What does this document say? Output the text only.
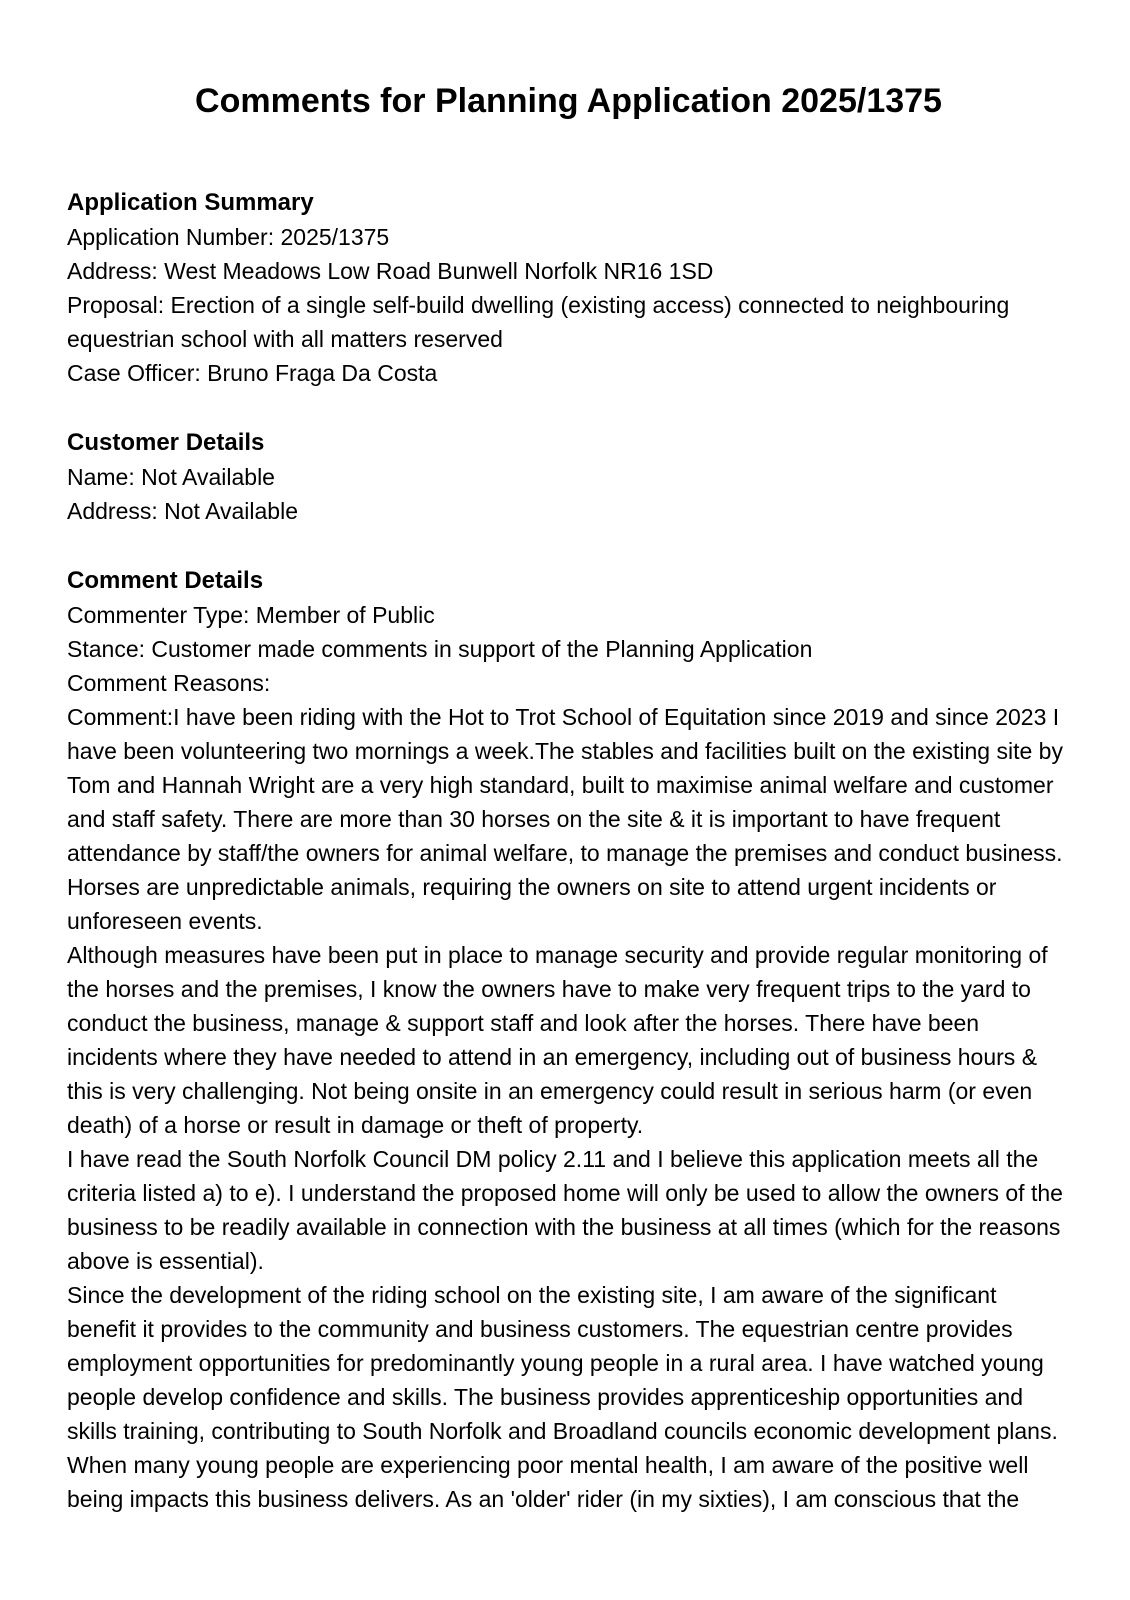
Comments for Planning Application 2025/1375
Application Summary
Application Number: 2025/1375
Address: West Meadows Low Road Bunwell Norfolk NR16 1SD
Proposal: Erection of a single self-build dwelling (existing access) connected to neighbouring
equestrian school with all matters reserved
Case Officer: Bruno Fraga Da Costa
Customer Details
Name: Not Available
Address: Not Available
Comment Details
Commenter Type: Member of Public
Stance: Customer made comments in support of the Planning Application
Comment Reasons:
Comment:I have been riding with the Hot to Trot School of Equitation since 2019 and since 2023 I
have been volunteering two mornings a week.The stables and facilities built on the existing site by
Tom and Hannah Wright are a very high standard, built to maximise animal welfare and customer
and staff safety. There are more than 30 horses on the site & it is important to have frequent
attendance by staff/the owners for animal welfare, to manage the premises and conduct business.
Horses are unpredictable animals, requiring the owners on site to attend urgent incidents or
unforeseen events.
Although measures have been put in place to manage security and provide regular monitoring of
the horses and the premises, I know the owners have to make very frequent trips to the yard to
conduct the business, manage & support staff and look after the horses. There have been
incidents where they have needed to attend in an emergency, including out of business hours &
this is very challenging. Not being onsite in an emergency could result in serious harm (or even
death) of a horse or result in damage or theft of property.
I have read the South Norfolk Council DM policy 2.11 and I believe this application meets all the
criteria listed a) to e). I understand the proposed home will only be used to allow the owners of the
business to be readily available in connection with the business at all times (which for the reasons
above is essential).
Since the development of the riding school on the existing site, I am aware of the significant
benefit it provides to the community and business customers. The equestrian centre provides
employment opportunities for predominantly young people in a rural area. I have watched young
people develop confidence and skills. The business provides apprenticeship opportunities and
skills training, contributing to South Norfolk and Broadland councils economic development plans.
When many young people are experiencing poor mental health, I am aware of the positive well
being impacts this business delivers. As an 'older' rider (in my sixties), I am conscious that the
